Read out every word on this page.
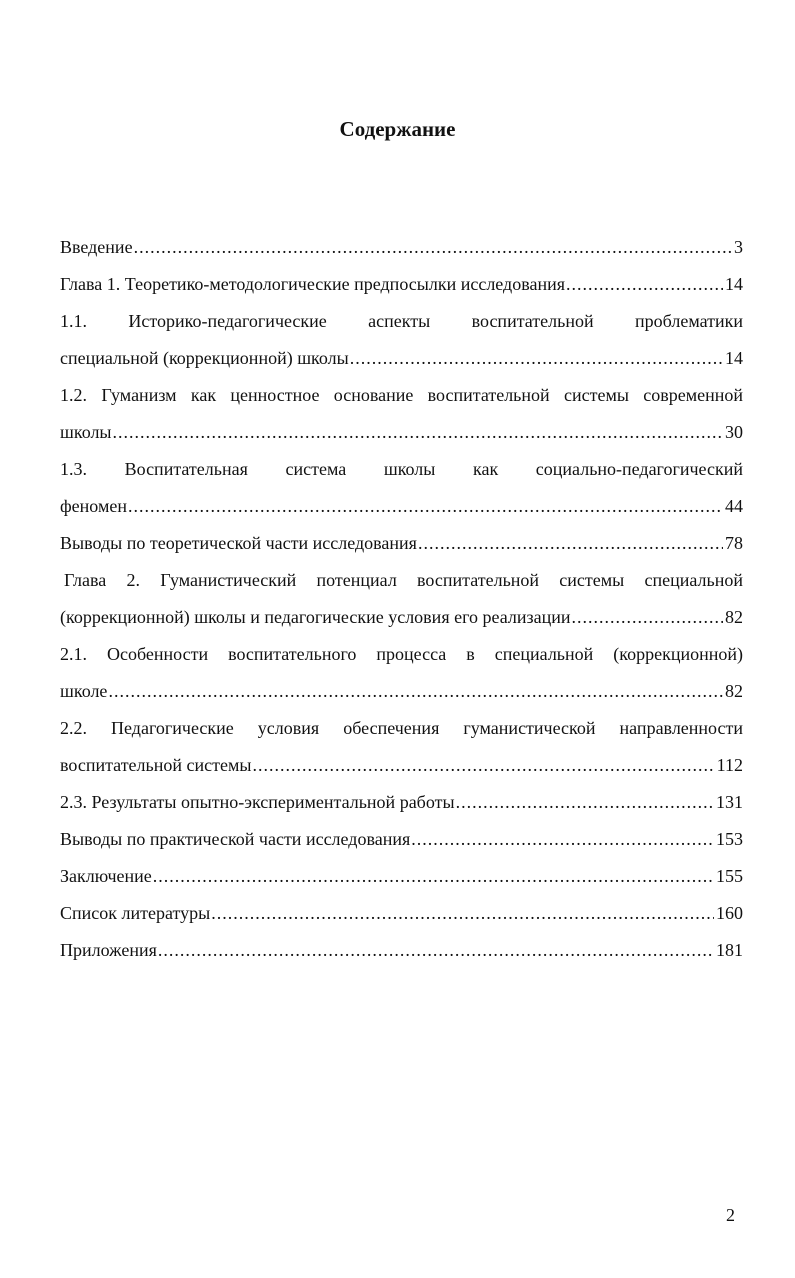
Содержание
Введение .....	3
Глава 1. Теоретико-методологические предпосылки исследования .....	14
1.1. Историко-педагогические аспекты воспитательной проблематики
специальной (коррекционной) школы .....	14
1.2. Гуманизм как ценностное основание воспитательной системы современной
школы .....	30
1.3. Воспитательная система школы как социально-педагогический
феномен .....	44
Выводы по теоретической части исследования .....	78
Глава 2. Гуманистический потенциал воспитательной системы специальной
(коррекционной) школы и педагогические условия его реализации .....	82
2.1. Особенности воспитательного процесса в специальной (коррекционной)
школе .....	82
2.2. Педагогические условия обеспечения гуманистической направленности
воспитательной системы .....	112
2.3. Результаты опытно-экспериментальной работы .....	131
Выводы по практической части исследования .....	153
Заключение .....	155
Список литературы .....	160
Приложения .....	181
2
